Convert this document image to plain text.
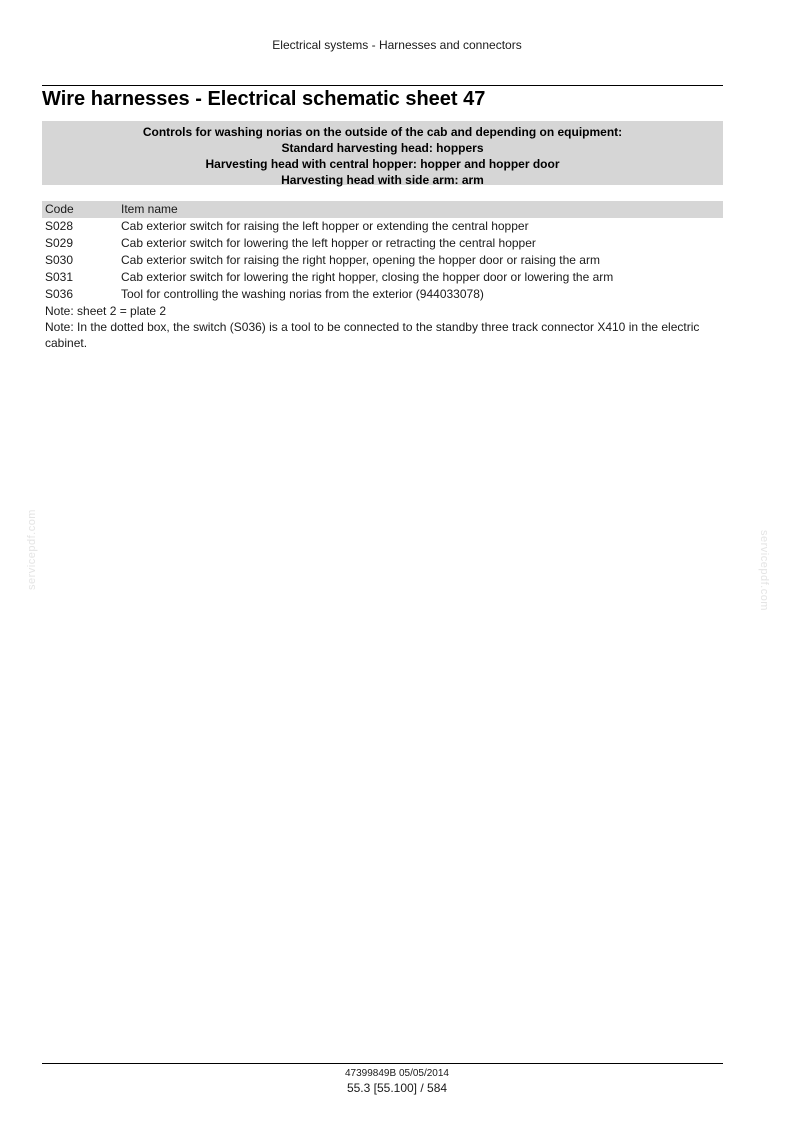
Electrical systems - Harnesses and connectors
Wire harnesses - Electrical schematic sheet 47
Controls for washing norias on the outside of the cab and depending on equipment:
Standard harvesting head: hoppers
Harvesting head with central hopper: hopper and hopper door
Harvesting head with side arm: arm
Code	Item name
S028	Cab exterior switch for raising the left hopper or extending the central hopper
S029	Cab exterior switch for lowering the left hopper or retracting the central hopper
S030	Cab exterior switch for raising the right hopper, opening the hopper door or raising the arm
S031	Cab exterior switch for lowering the right hopper, closing the hopper door or lowering the arm
S036	Tool for controlling the washing norias from the exterior (944033078)

Note: sheet 2 = plate 2

Note: In the dotted box, the switch (S036) is a tool to be connected to the standby three track connector X410 in the electric cabinet.

servicepdf.com	servicepdf.com
47399849B 05/05/2014
55.3 [55.100] / 584
